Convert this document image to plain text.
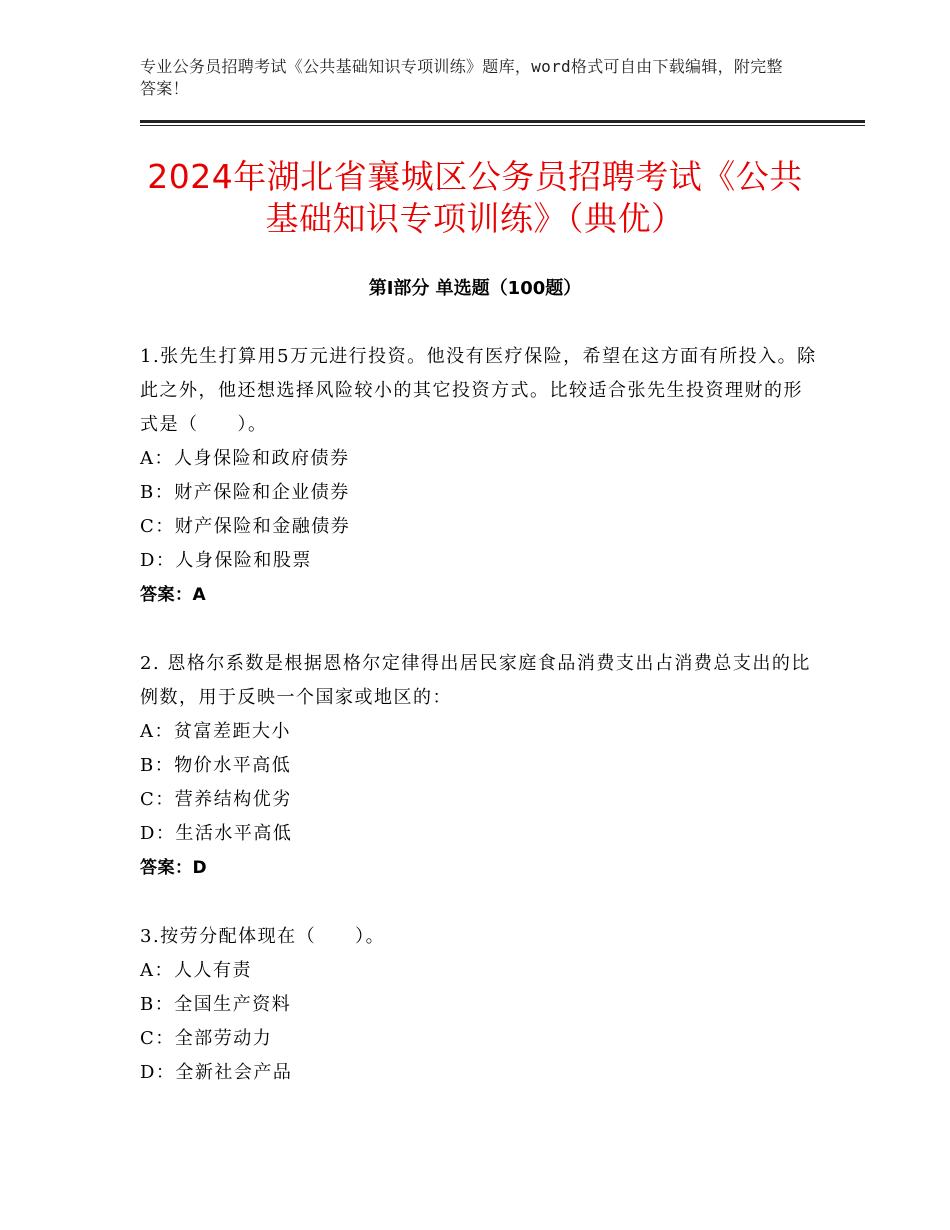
专业公务员招聘考试《公共基础知识专项训练》题库，word格式可自由下载编辑，附完整答案！
2024年湖北省襄城区公务员招聘考试《公共
基础知识专项训练》（典优）
第Ⅰ部分 单选题（100题）
1.张先生打算用5万元进行投资。他没有医疗保险，希望在这方面有所投入。除此之外，他还想选择风险较小的其它投资方式。比较适合张先生投资理财的形式是（　　）。
A：人身保险和政府债券
B：财产保险和企业债券
C：财产保险和金融债券
D：人身保险和股票
答案：A
2. 恩格尔系数是根据恩格尔定律得出居民家庭食品消费支出占消费总支出的比例数，用于反映一个国家或地区的：
A：贫富差距大小
B：物价水平高低
C：营养结构优劣
D：生活水平高低
答案：D
3.按劳分配体现在（　　）。
A：人人有责
B：全国生产资料
C：全部劳动力
D：全新社会产品
